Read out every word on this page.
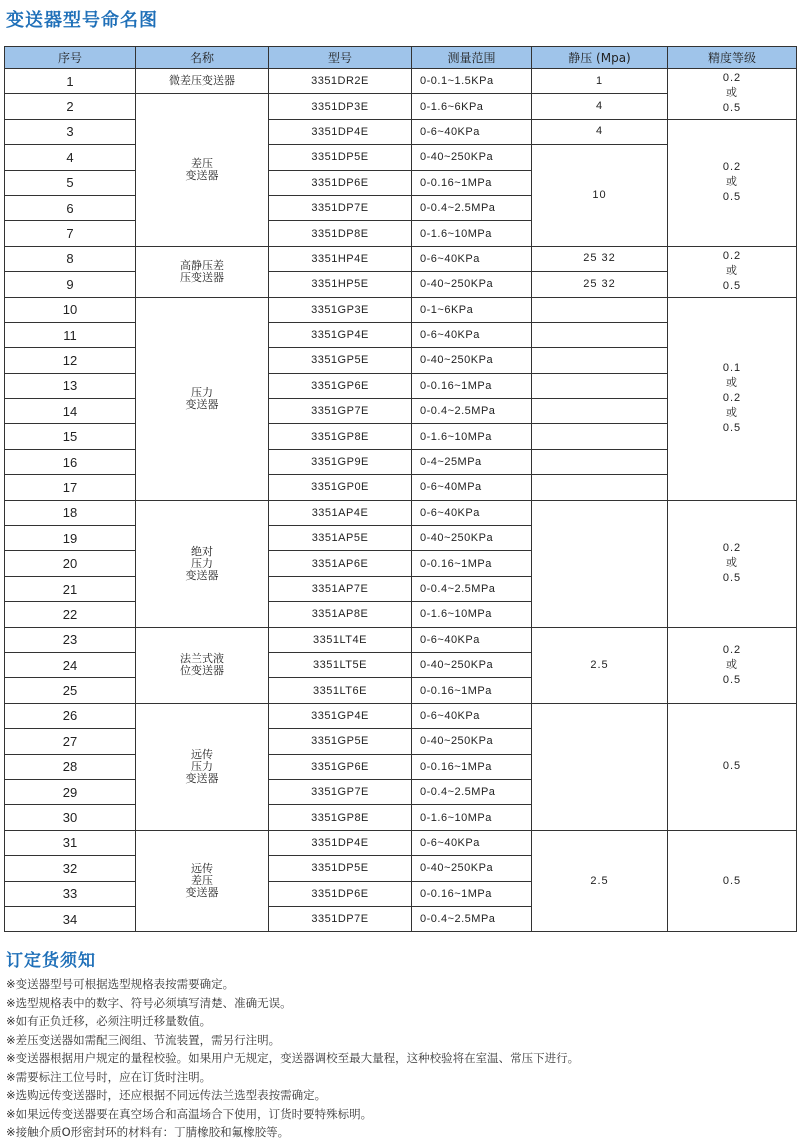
变送器型号命名图
序号	名称	型号	测量范围	静压 (Mpa)	精度等级
1	微差压变送器	3351DR2E	0-0.1~1.5KPa	1	0.2
或
0.5
2	差压
变送器	3351DP3E	0-1.6~6KPa	4	
3		3351DP4E	0-6~40KPa	4	0.2
或
0.5
4		3351DP5E	0-40~250KPa	10	
5		3351DP6E	0-0.16~1MPa		
6		3351DP7E	0-0.4~2.5MPa		
7		3351DP8E	0-1.6~10MPa		
8	高静压差
压变送器	3351HP4E	0-6~40KPa	25 32	0.2
或
0.5
9		3351HP5E	0-40~250KPa	25 32	
10	压力
变送器	3351GP3E	0-1~6KPa		0.1
或
0.2
或
0.5
11		3351GP4E	0-6~40KPa		
12		3351GP5E	0-40~250KPa		
13		3351GP6E	0-0.16~1MPa		
14		3351GP7E	0-0.4~2.5MPa		
15		3351GP8E	0-1.6~10MPa		
16		3351GP9E	0-4~25MPa		
17		3351GP0E	0-6~40MPa		
18	绝对
压力
变送器	3351AP4E	0-6~40KPa		0.2
或
0.5
19		3351AP5E	0-40~250KPa		
20		3351AP6E	0-0.16~1MPa		
21		3351AP7E	0-0.4~2.5MPa		
22		3351AP8E	0-1.6~10MPa		
23	法兰式液
位变送器	3351LT4E	0-6~40KPa	2.5	0.2
或
0.5
24		3351LT5E	0-40~250KPa		
25		3351LT6E	0-0.16~1MPa		
26	远传
压力
变送器	3351GP4E	0-6~40KPa		0.5
27		3351GP5E	0-40~250KPa		
28		3351GP6E	0-0.16~1MPa		
29		3351GP7E	0-0.4~2.5MPa		
30		3351GP8E	0-1.6~10MPa		
31	远传
差压
变送器	3351DP4E	0-6~40KPa	2.5	0.5
32		3351DP5E	0-40~250KPa		
33		3351DP6E	0-0.16~1MPa		
34		3351DP7E	0-0.4~2.5MPa		
订定货须知
※变送器型号可根据选型规格表按需要确定。
※选型规格表中的数字、符号必须填写清楚、准确无误。
※如有正负迁移，必须注明迁移量数值。
※差压变送器如需配三阀组、节流装置，需另行注明。
※变送器根据用户规定的量程校验。如果用户无规定，变送器调校至最大量程，这种校验将在室温、常压下进行。
※需要标注工位号时，应在订货时注明。
※选购远传变送器时，还应根据不同远传法兰选型表按需确定。
※如果远传变送器要在真空场合和高温场合下使用，订货时要特殊标明。
※接触介质O形密封环的材料有：丁腈橡胶和氟橡胶等。
